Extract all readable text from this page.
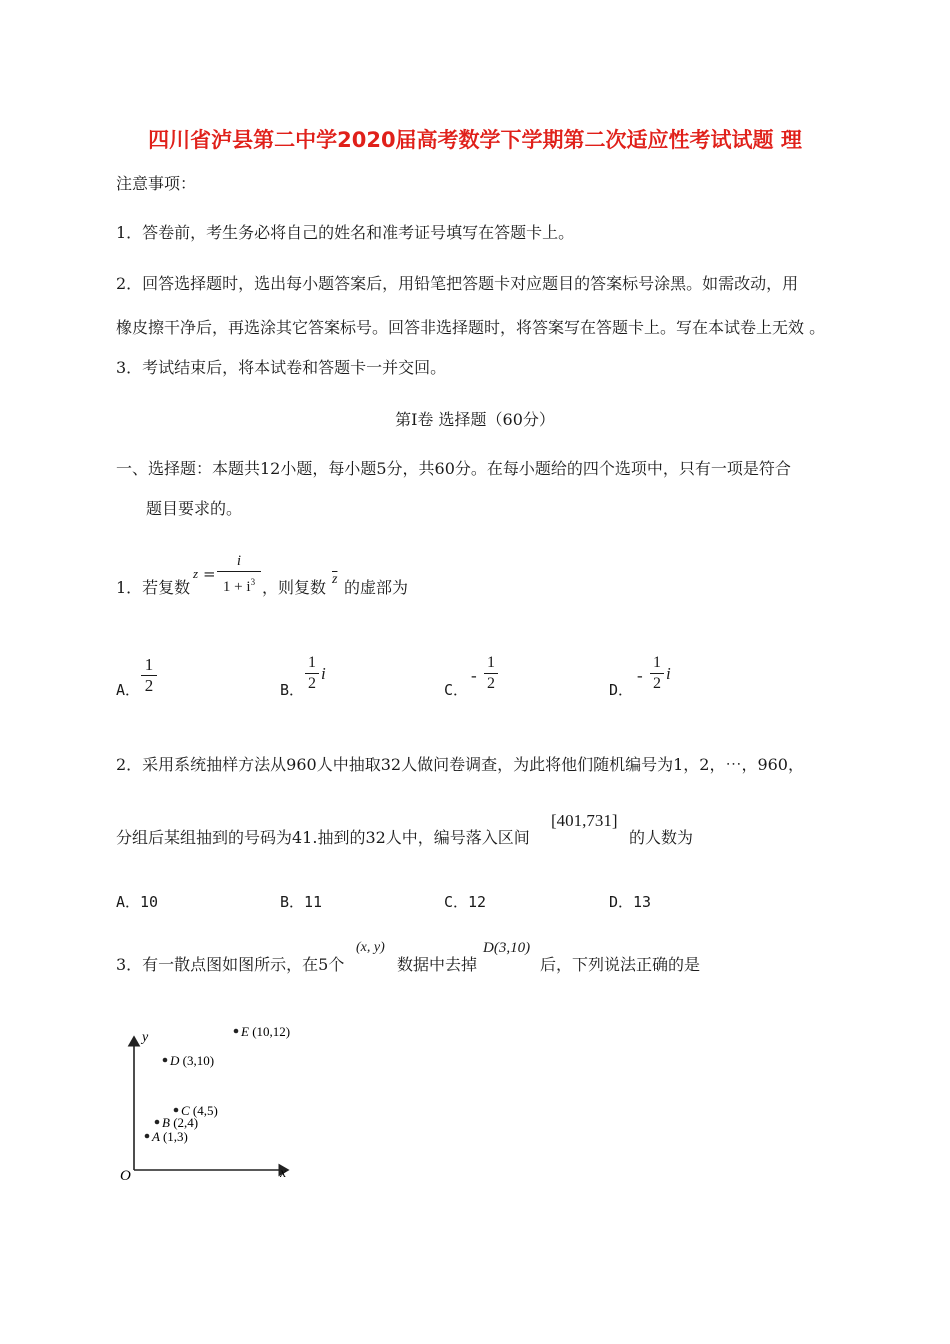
四川省泸县第二中学2020届高考数学下学期第二次适应性考试试题 理
注意事项：
1．答卷前，考生务必将自己的姓名和准考证号填写在答题卡上。
2．回答选择题时，选出每小题答案后，用铅笔把答题卡对应题目的答案标号涂黑。如需改动，用
橡皮擦干净后，再选涂其它答案标号。回答非选择题时，将答案写在答题卡上。写在本试卷上无效 。
3．考试结束后，将本试卷和答题卡一并交回。
第Ⅰ卷 选择题（60分）
一、选择题：本题共12小题，每小题5分，共60分。在每小题给的四个选项中，只有一项是符合
题目要求的。
1．若复数
z =
i
$1 + i^3$ ，则复数 $\overline{z}$ 的虚部为
A．
1
2	B．
1
2
i
C．
-
1
2	D．
-
1
2
i
2．采用系统抽样方法从960人中抽取32人做问卷调查，为此将他们随机编号为1，2，⋯，960，
分组后某组抽到的号码为41.抽到的32人中，编号落入区间
[401,731]
的人数为
A．10	B．11	C．12	D．13
3．有一散点图如图所示，在5个
(x, y)
数据中去掉
D(3,10)
后，下列说法正确的是
y
x
O
A (1,3)
B (2,4)
C (4,5)
D (3,10)
E (10,12)
